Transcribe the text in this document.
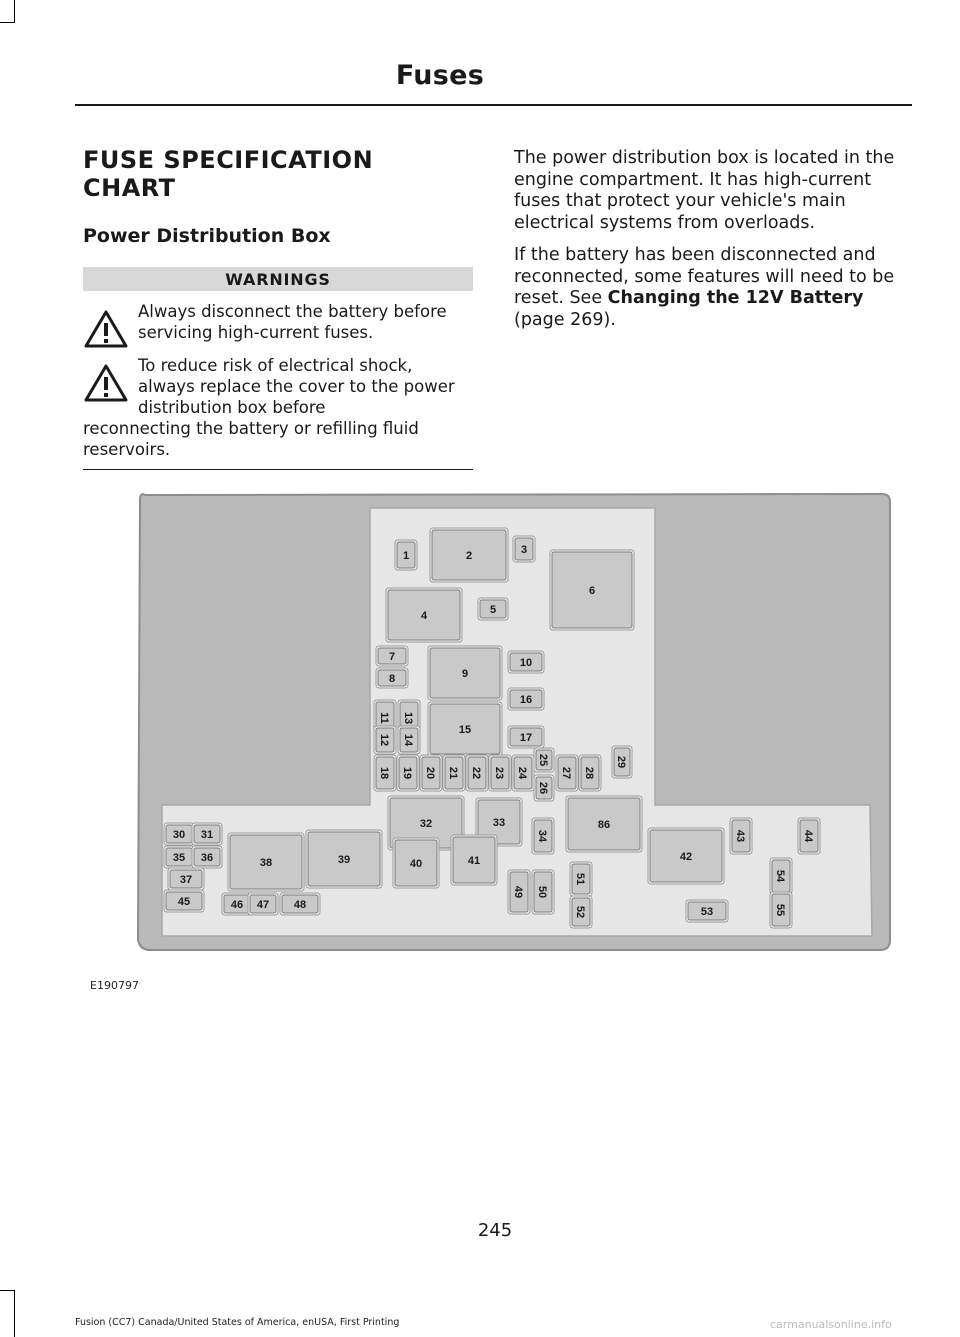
Fuses
FUSE SPECIFICATION CHART
Power Distribution Box
WARNINGS

Always disconnect the battery before servicing high-current fuses.

To reduce risk of electrical shock, always replace the cover to the power distribution box before

reconnecting the battery or refilling fluid reservoirs.

The power distribution box is located in the engine compartment. It has high-current fuses that protect your vehicle's main electrical systems from overloads.

If the battery has been disconnected and reconnected, some features will need to be reset. See Changing the 12V Battery (page 269).

1	2	3
4	5
6
7
8	9
10
11
12
13
14
15
16
17
18 19 20 21 22 23 24
25
26
27 28
29
30 31
32	33
34
35 36
37
38	39	40	41	42
43	44
45	46 47 48
49 50
51
52	53
54
55
86
E190797
245
Fusion (CC7) Canada/United States of America, enUSA, First Printing	carmanualsonline.info
